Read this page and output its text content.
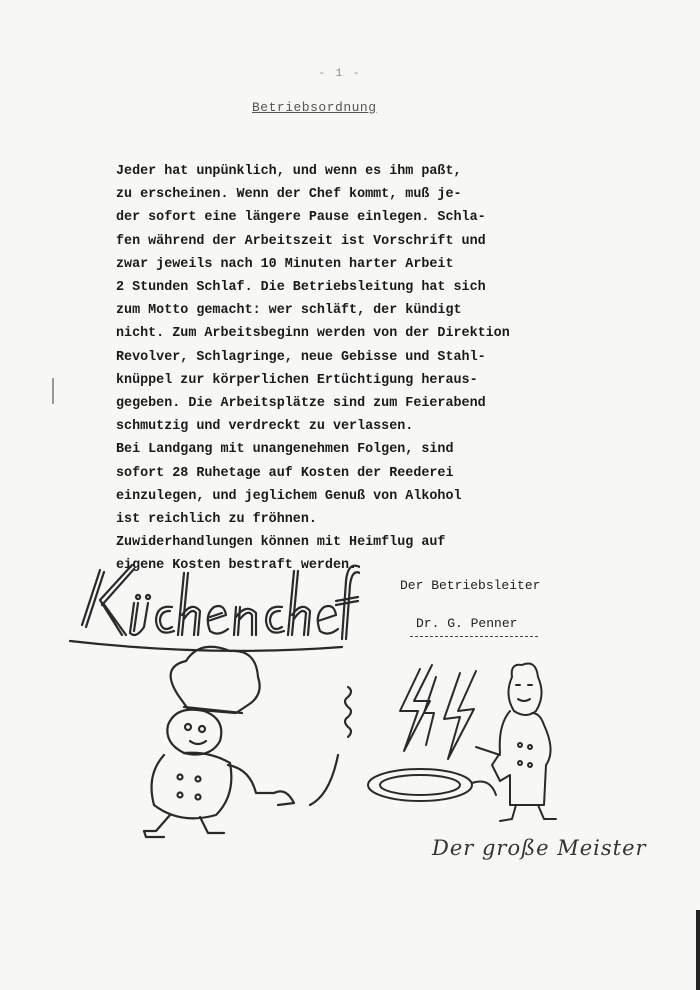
- 1 -
Betriebsordnung
Jeder hat unpünklich, und wenn es ihm paßt,
zu erscheinen. Wenn der Chef kommt, muß je-
der sofort eine längere Pause einlegen. Schla-
fen während der Arbeitszeit ist Vorschrift und
zwar jeweils nach 10 Minuten harter Arbeit
2 Stunden Schlaf. Die Betriebsleitung hat sich
zum Motto gemacht: wer schläft, der kündigt
nicht. Zum Arbeitsbeginn werden von der Direktion
Revolver, Schlagringe, neue Gebisse und Stahl-
knüppel zur körperlichen Ertüchtigung heraus-
gegeben. Die Arbeitsplätze sind zum Feierabend
schmutzig und verdreckt zu verlassen.
Bei Landgang mit unangenehmen Folgen, sind
sofort 28 Ruhetage auf Kosten der Reederei
einzulegen, und jeglichem Genuß von Alkohol
ist reichlich zu fröhnen.
Zuwiderhandlungen können mit Heimflug auf
eigene Kosten bestraft werden.
Der Betriebsleiter
Dr. G. Penner
Der große Meister
